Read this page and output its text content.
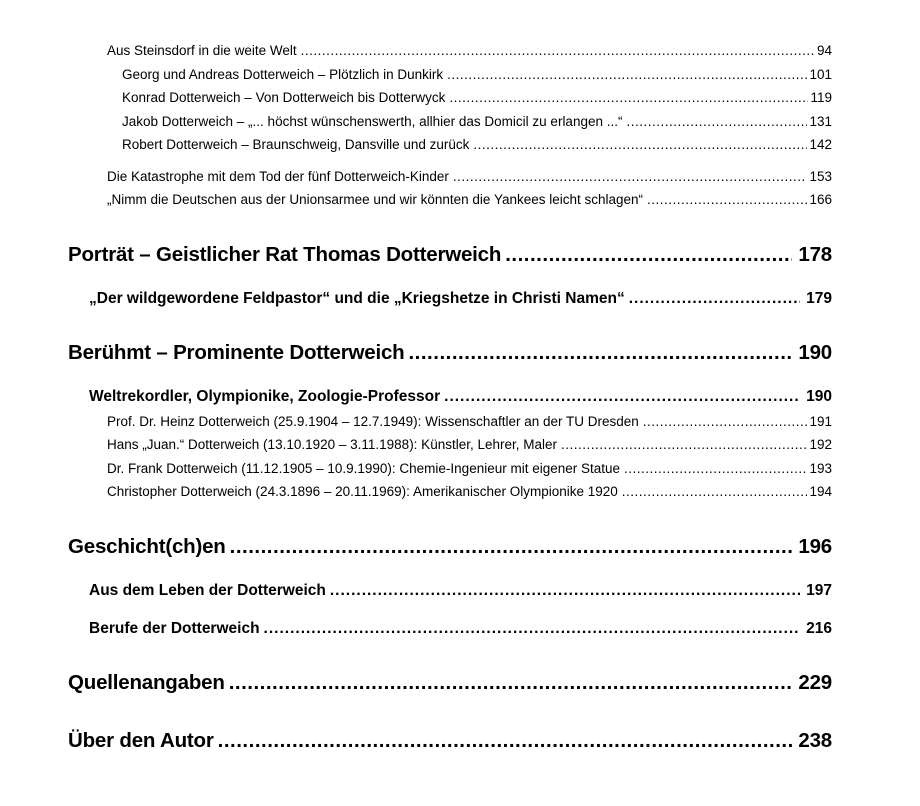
Aus Steinsdorf in die weite Welt .....	94
Georg und Andreas Dotterweich – Plötzlich in Dunkirk .....	101
Konrad Dotterweich – Von Dotterweich bis Dotterwyck .....	119
Jakob Dotterweich – „... höchst wünschenswerth, allhier das Domicil zu erlangen ...“ .....	131
Robert Dotterweich – Braunschweig, Dansville und zurück .....	142
Die Katastrophe mit dem Tod der fünf Dotterweich-Kinder .....	153
„Nimm die Deutschen aus der Unionsarmee und wir könnten die Yankees leicht schlagen“ .....	166
Porträt – Geistlicher Rat Thomas Dotterweich .....	178
„Der wildgewordene Feldpastor“ und die „Kriegshetze in Christi Namen“ .....	179
Berühmt – Prominente Dotterweich .....	190
Weltrekordler, Olympionike, Zoologie-Professor .....	190
Prof. Dr. Heinz Dotterweich (25.9.1904 – 12.7.1949): Wissenschaftler an der TU Dresden .....	191
Hans „Juan.“ Dotterweich (13.10.1920 – 3.11.1988): Künstler, Lehrer, Maler .....	192
Dr. Frank Dotterweich (11.12.1905 – 10.9.1990): Chemie-Ingenieur mit eigener Statue .....	193
Christopher Dotterweich (24.3.1896 – 20.11.1969): Amerikanischer Olympionike 1920 .....	194
Geschicht(ch)en .....	196
Aus dem Leben der Dotterweich .....	197
Berufe der Dotterweich .....	216
Quellenangaben .....	229
Über den Autor .....	238
